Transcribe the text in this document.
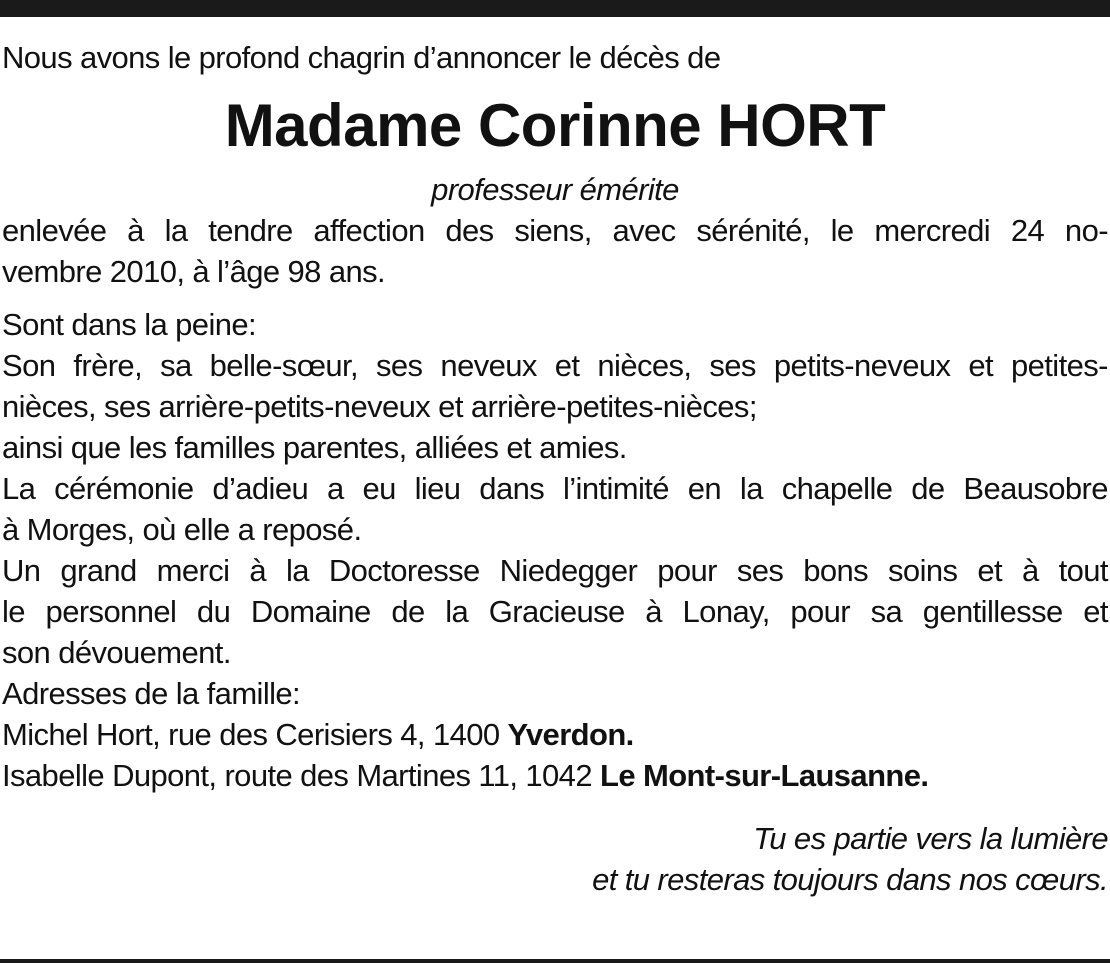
Nous avons le profond chagrin d’annoncer le décès de
Madame Corinne HORT
professeur émérite
enlevée à la tendre affection des siens, avec sérénité, le mercredi 24 no-
vembre 2010, à l’âge 98 ans.
Sont dans la peine:
Son frère, sa belle-sœur, ses neveux et nièces, ses petits-neveux et petites-
nièces, ses arrière-petits-neveux et arrière-petites-nièces;
ainsi que les familles parentes, alliées et amies.
La cérémonie d’adieu a eu lieu dans l’intimité en la chapelle de Beausobre
à Morges, où elle a reposé.
Un grand merci à la Doctoresse Niedegger pour ses bons soins et à tout
le personnel du Domaine de la Gracieuse à Lonay, pour sa gentillesse et
son dévouement.
Adresses de la famille:
Michel Hort, rue des Cerisiers 4, 1400 Yverdon.
Isabelle Dupont, route des Martines 11, 1042 Le Mont-sur-Lausanne.
Tu es partie vers la lumière
et tu resteras toujours dans nos cœurs.
